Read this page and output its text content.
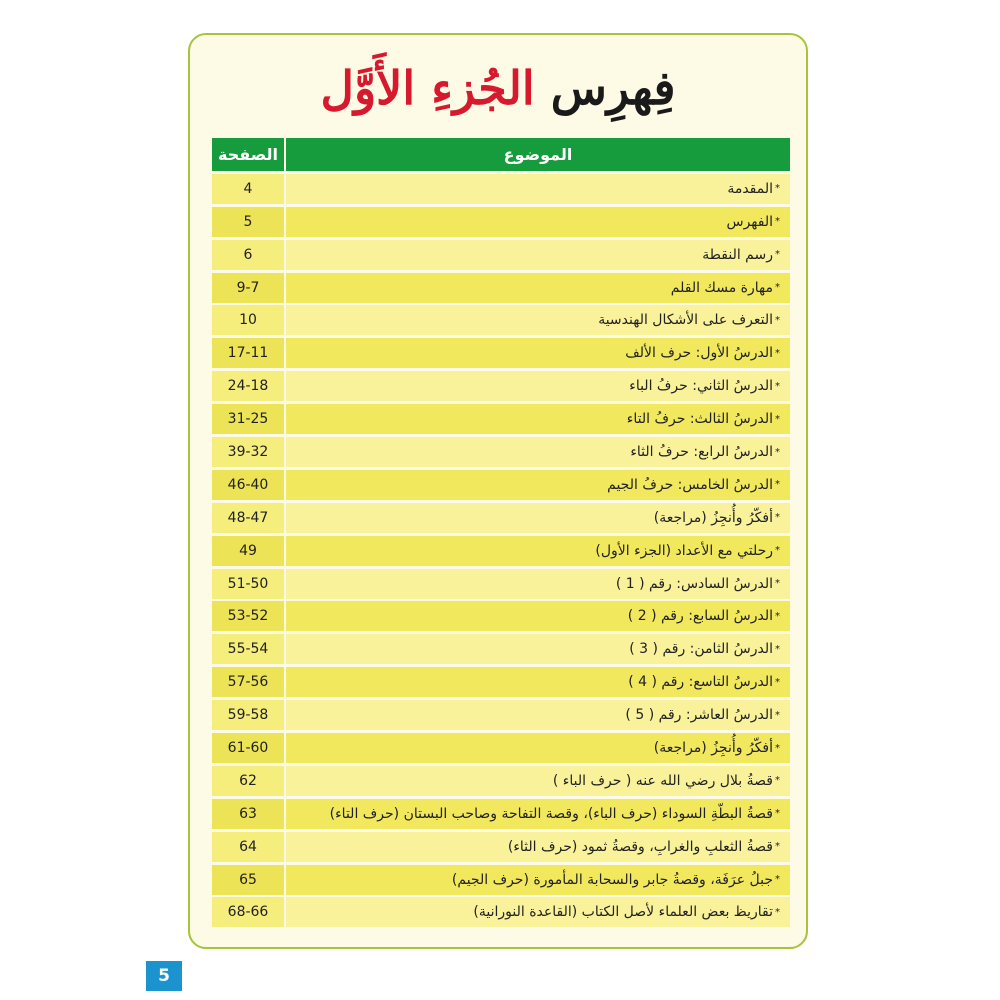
فِهرِس الجُزءِ الأَوَّل
الموضوع
الصفحة
*
المقدمة
4
*
الفهرس
5
*
رسم النقطة
6
*
مهارة مسك القلم
9-7
*
التعرف على الأشكال الهندسية
10
*
الدرسُ الأول: حرف الألف
17-11
*
الدرسُ الثاني: حرفُ الباء
24-18
*
الدرسُ الثالث: حرفُ التاء
31-25
*
الدرسُ الرابع: حرفُ الثاء
39-32
*
الدرسُ الخامس: حرفُ الجيم
46-40
*
أفكّرُ وأُنجِزُ (مراجعة)
48-47
*
رحلتي مع الأعداد (الجزء الأول)
49
*
الدرسُ السادس: رقم ( 1 )
51-50
*
الدرسُ السابع: رقم ( 2 )
53-52
*
الدرسُ الثامن: رقم ( 3 )
55-54
*
الدرسُ التاسع: رقم ( 4 )
57-56
*
الدرسُ العاشر: رقم ( 5 )
59-58
*
أفكّرُ وأُنجِزُ (مراجعة)
61-60
*
قصةُ بلال رضي الله عنه ( حرف الباء )
62
*
قصةُ البطّةِ السوداء (حرف الباء)، وقصة التفاحة وصاحب البستان (حرف التاء)
63
*
قصةُ الثعلبِ والغرابِ، وقصةُ ثمود (حرف الثاء)
64
*
جبلُ عرَفَة، وقصةُ جابر والسحابة المأمورة (حرف الجيم)
65
*
تقاريظ بعض العلماء لأصل الكتاب (القاعدة النورانية)
68-66
5
